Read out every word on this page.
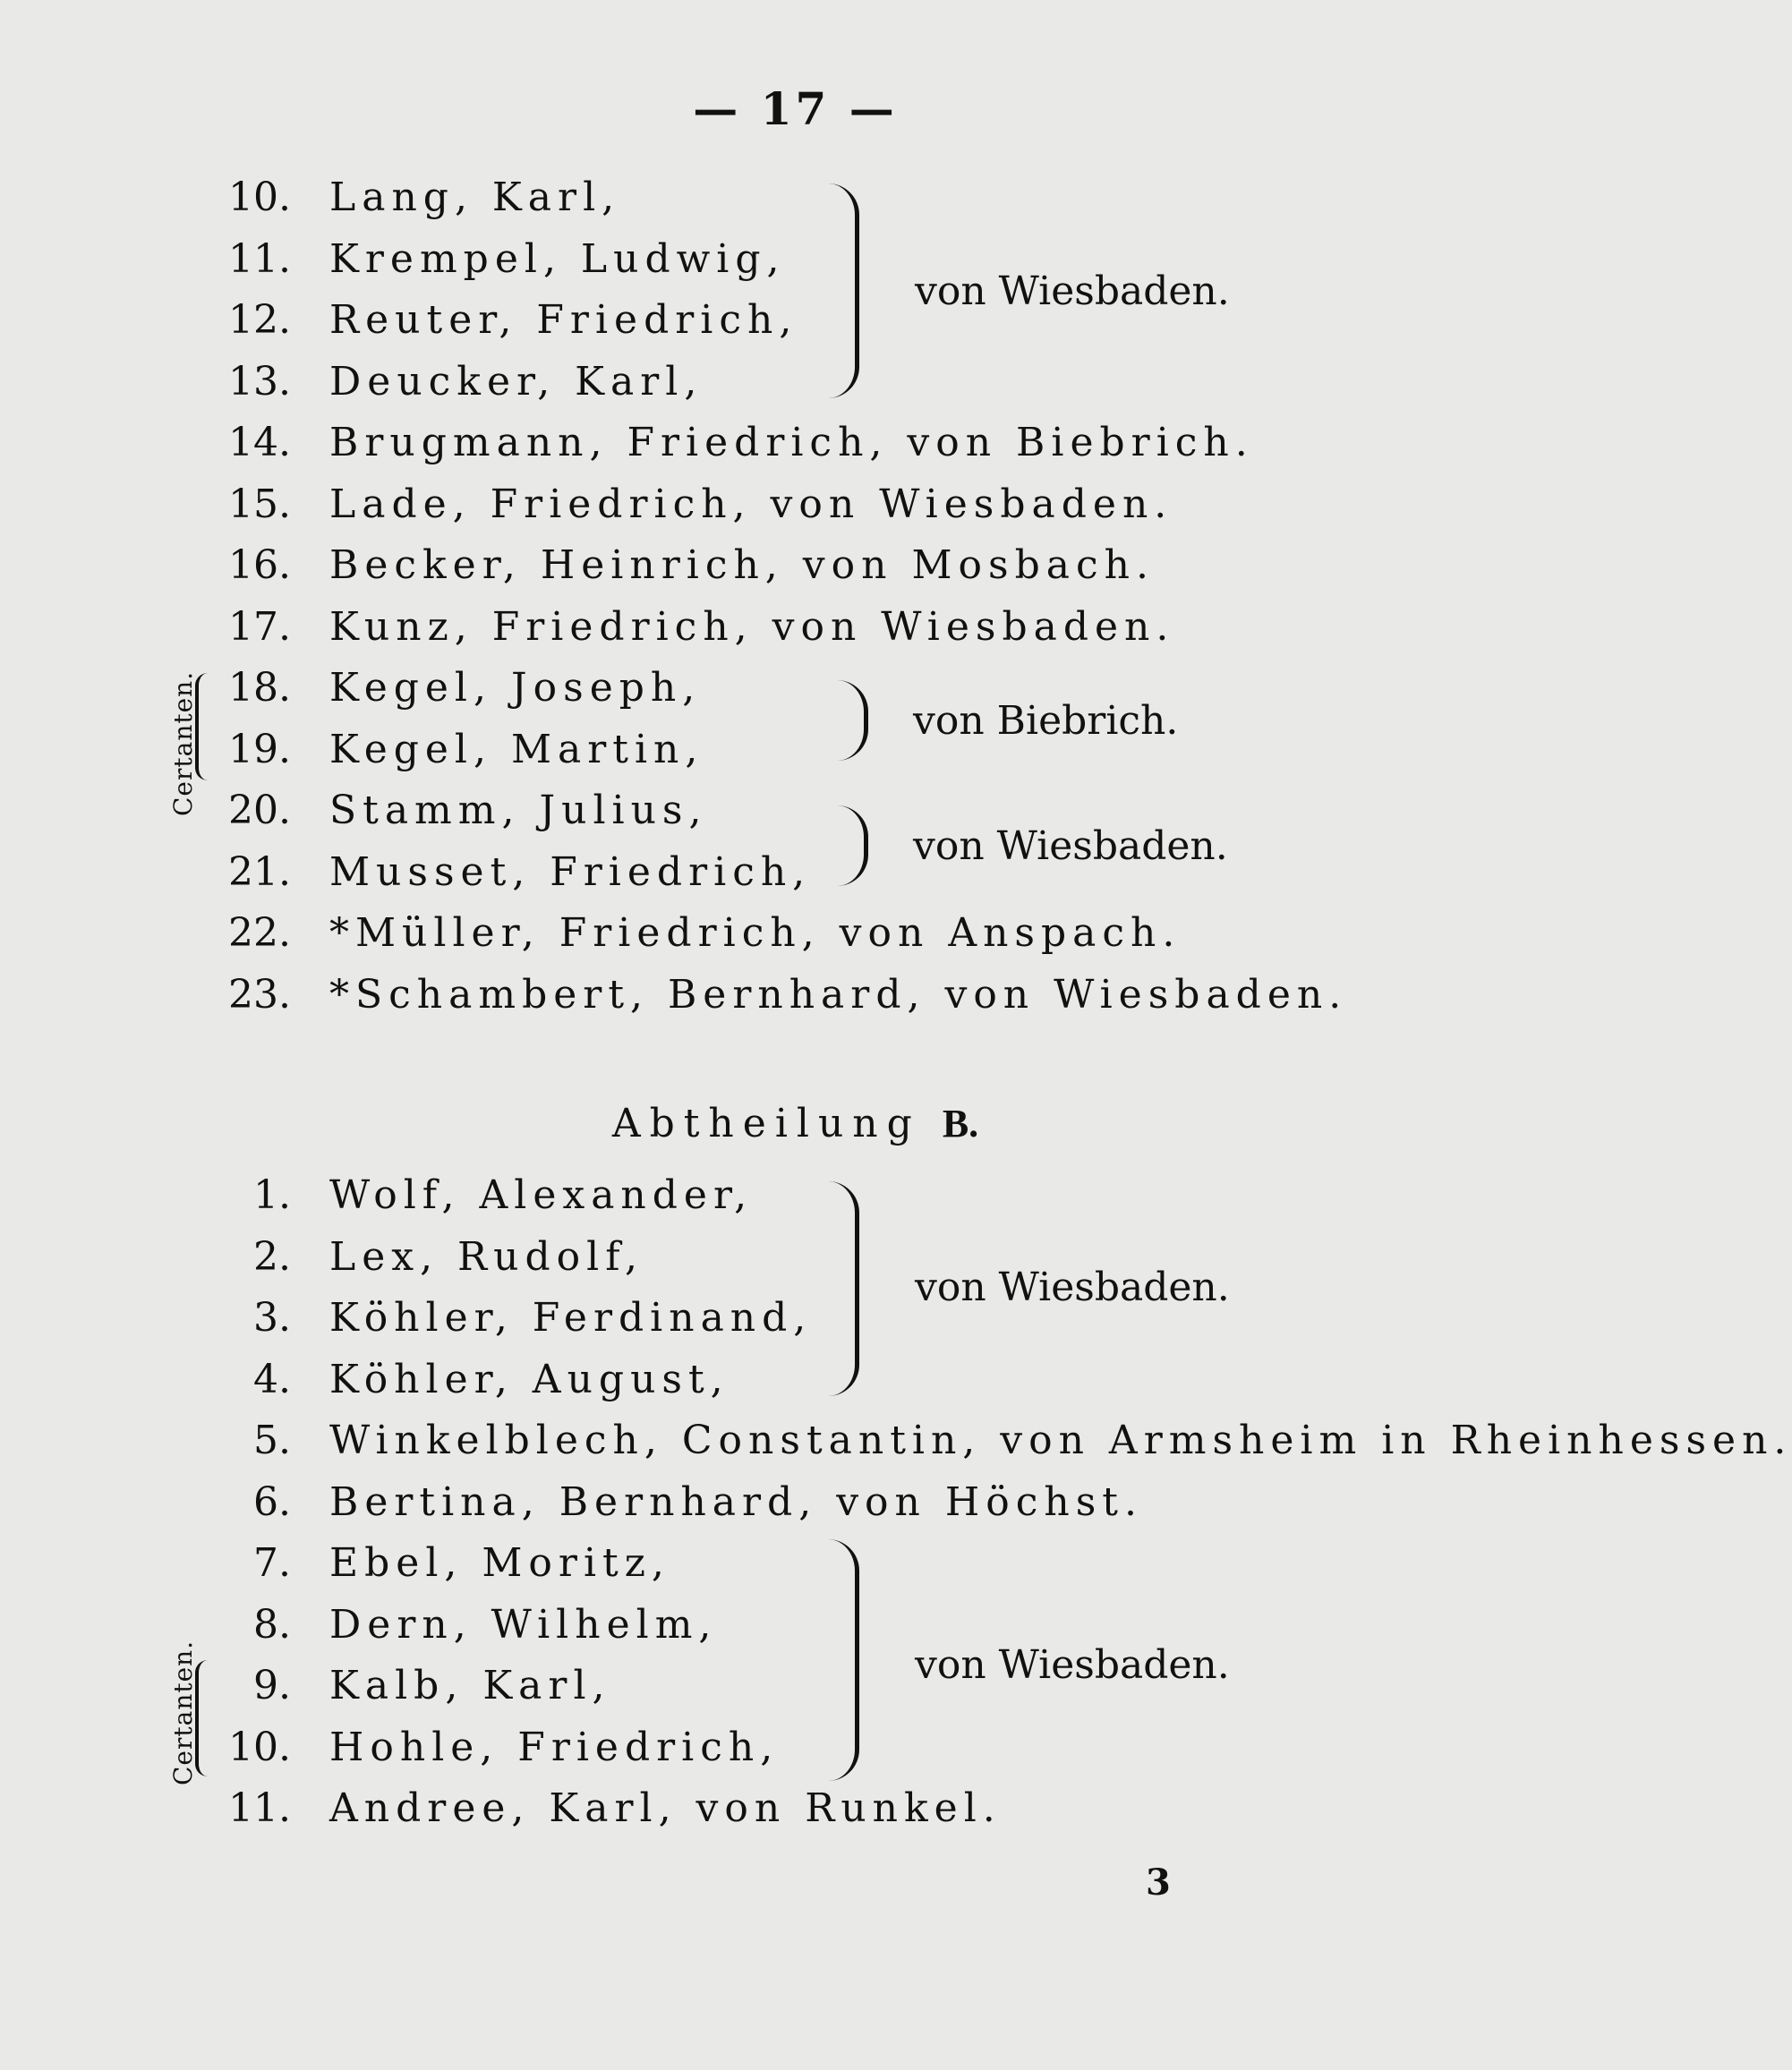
— 17 —
10. Lang, Karl,
11. Krempel, Ludwig,
12. Reuter, Friedrich,
13. Deucker, Karl,
14. Brugmann, Friedrich, von Biebrich.
15. Lade, Friedrich, von Wiesbaden.
16. Becker, Heinrich, von Mosbach.
17. Kunz, Friedrich, von Wiesbaden.
18. Kegel, Joseph,
19. Kegel, Martin,
20. Stamm, Julius,
21. Musset, Friedrich,
22. *Müller, Friedrich, von Anspach.
23. *Schambert, Bernhard, von Wiesbaden.
von Wiesbaden.
von Biebrich.
von Wiesbaden.
Certanten.
Abtheilung B.
1. Wolf, Alexander,
2. Lex, Rudolf,
3. Köhler, Ferdinand,
4. Köhler, August,
5. Winkelblech, Constantin, von Armsheim in Rheinhessen.
6. Bertina, Bernhard, von Höchst.
7. Ebel, Moritz,
8. Dern, Wilhelm,
9. Kalb, Karl,
10. Hohle, Friedrich,
11. Andree, Karl, von Runkel.
von Wiesbaden.
von Wiesbaden.
Certanten.
3
